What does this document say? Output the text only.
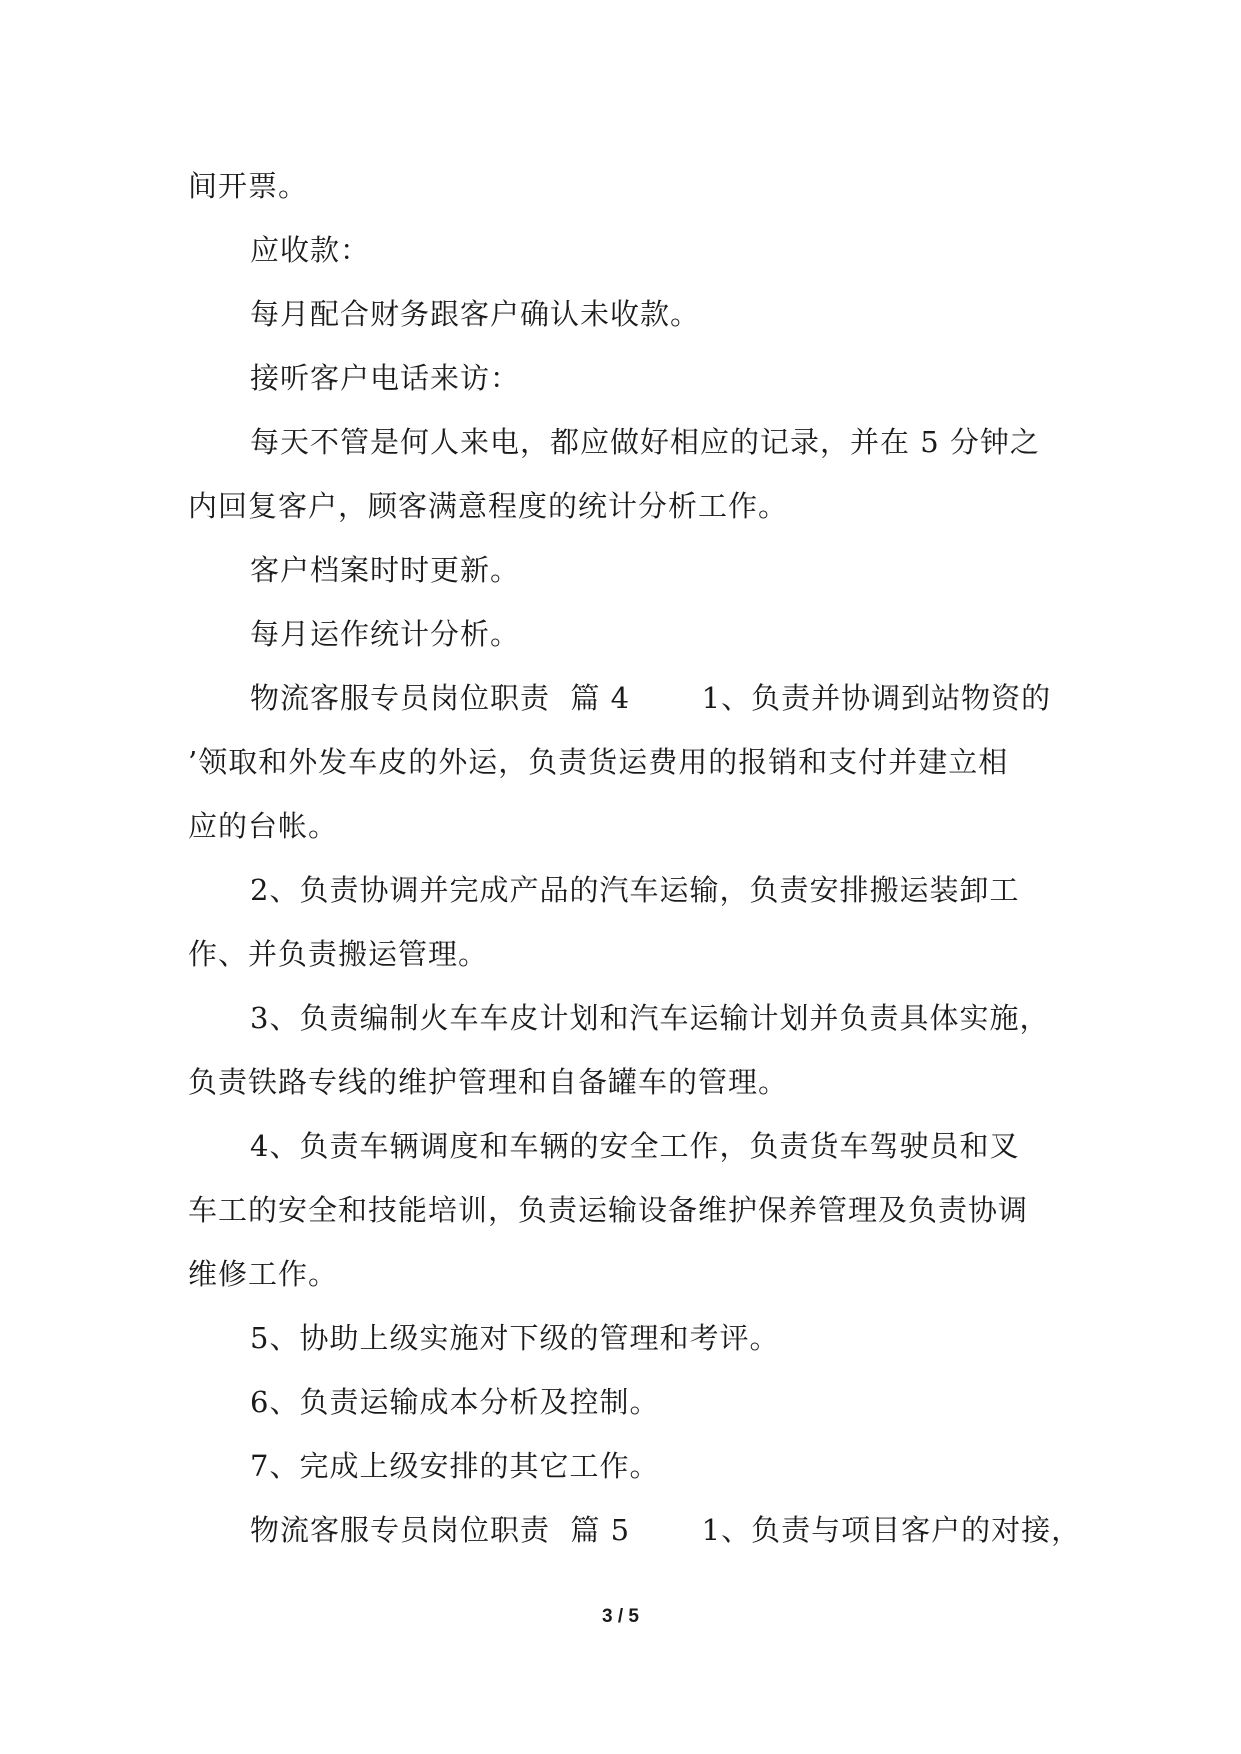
间开票。
应收款：
每月配合财务跟客户确认未收款。
接听客户电话来访：
每天不管是何人来电，都应做好相应的记录，并在 5 分钟之
内回复客户，顾客满意程度的统计分析工作。
客户档案时时更新。
每月运作统计分析。
物流客服专员岗位职责  篇 4       1、负责并协调到站物资的
’领取和外发车皮的外运，负责货运费用的报销和支付并建立相
应的台帐。
2、负责协调并完成产品的汽车运输，负责安排搬运装卸工
作、并负责搬运管理。
3、负责编制火车车皮计划和汽车运输计划并负责具体实施，
负责铁路专线的维护管理和自备罐车的管理。
4、负责车辆调度和车辆的安全工作，负责货车驾驶员和叉
车工的安全和技能培训，负责运输设备维护保养管理及负责协调
维修工作。
5、协助上级实施对下级的管理和考评。
6、负责运输成本分析及控制。
7、完成上级安排的其它工作。
物流客服专员岗位职责  篇 5       1、负责与项目客户的对接，
3 / 5
